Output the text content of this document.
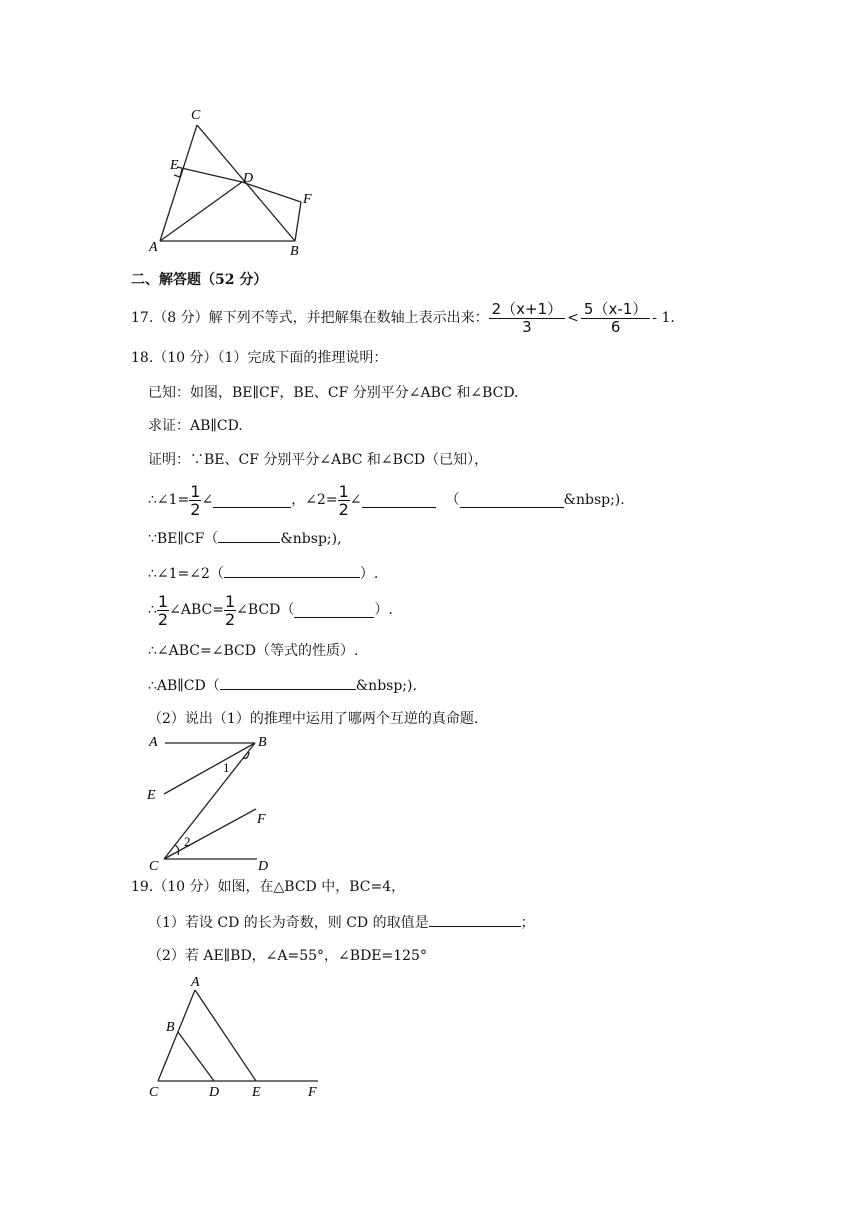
C
E
D
F
A	B
二、解答题（52 分）
17.（8 分）解下列不等式，并把解集在数轴上表示出来： $\frac{2(x+1)}{3} < \frac{5(x-1)}{6} - 1$.
18.（10 分）（1）完成下面的推理说明：
已知：如图，BE∥CF，BE、CF 分别平分∠ABC 和∠BCD.
求证：AB∥CD.
证明：∵BE、CF 分别平分∠ABC 和∠BCD（已知），
∴∠1= $\frac{1}{2}$ ∠	，∠2= $\frac{1}{2}$ ∠	（	&nbsp;).
∵BE∥CF（	&nbsp;),
∴∠1=∠2（	）.
∴ $\frac{1}{2}$ ∠ABC= $\frac{1}{2}$ ∠BCD（	）.
∴∠ABC=∠BCD（等式的性质）.
∴AB∥CD（	&nbsp;).
（2）说出（1）的推理中运用了哪两个互逆的真命题.
A	B
1
E
F
2
C	D
19.（10 分）如图，在△BCD 中，BC=4，
（1）若设 CD 的长为奇数，则 CD 的取值是	；
（2）若 AE∥BD，∠A=55°，∠BDE=125°
A
B
C	D E	F
